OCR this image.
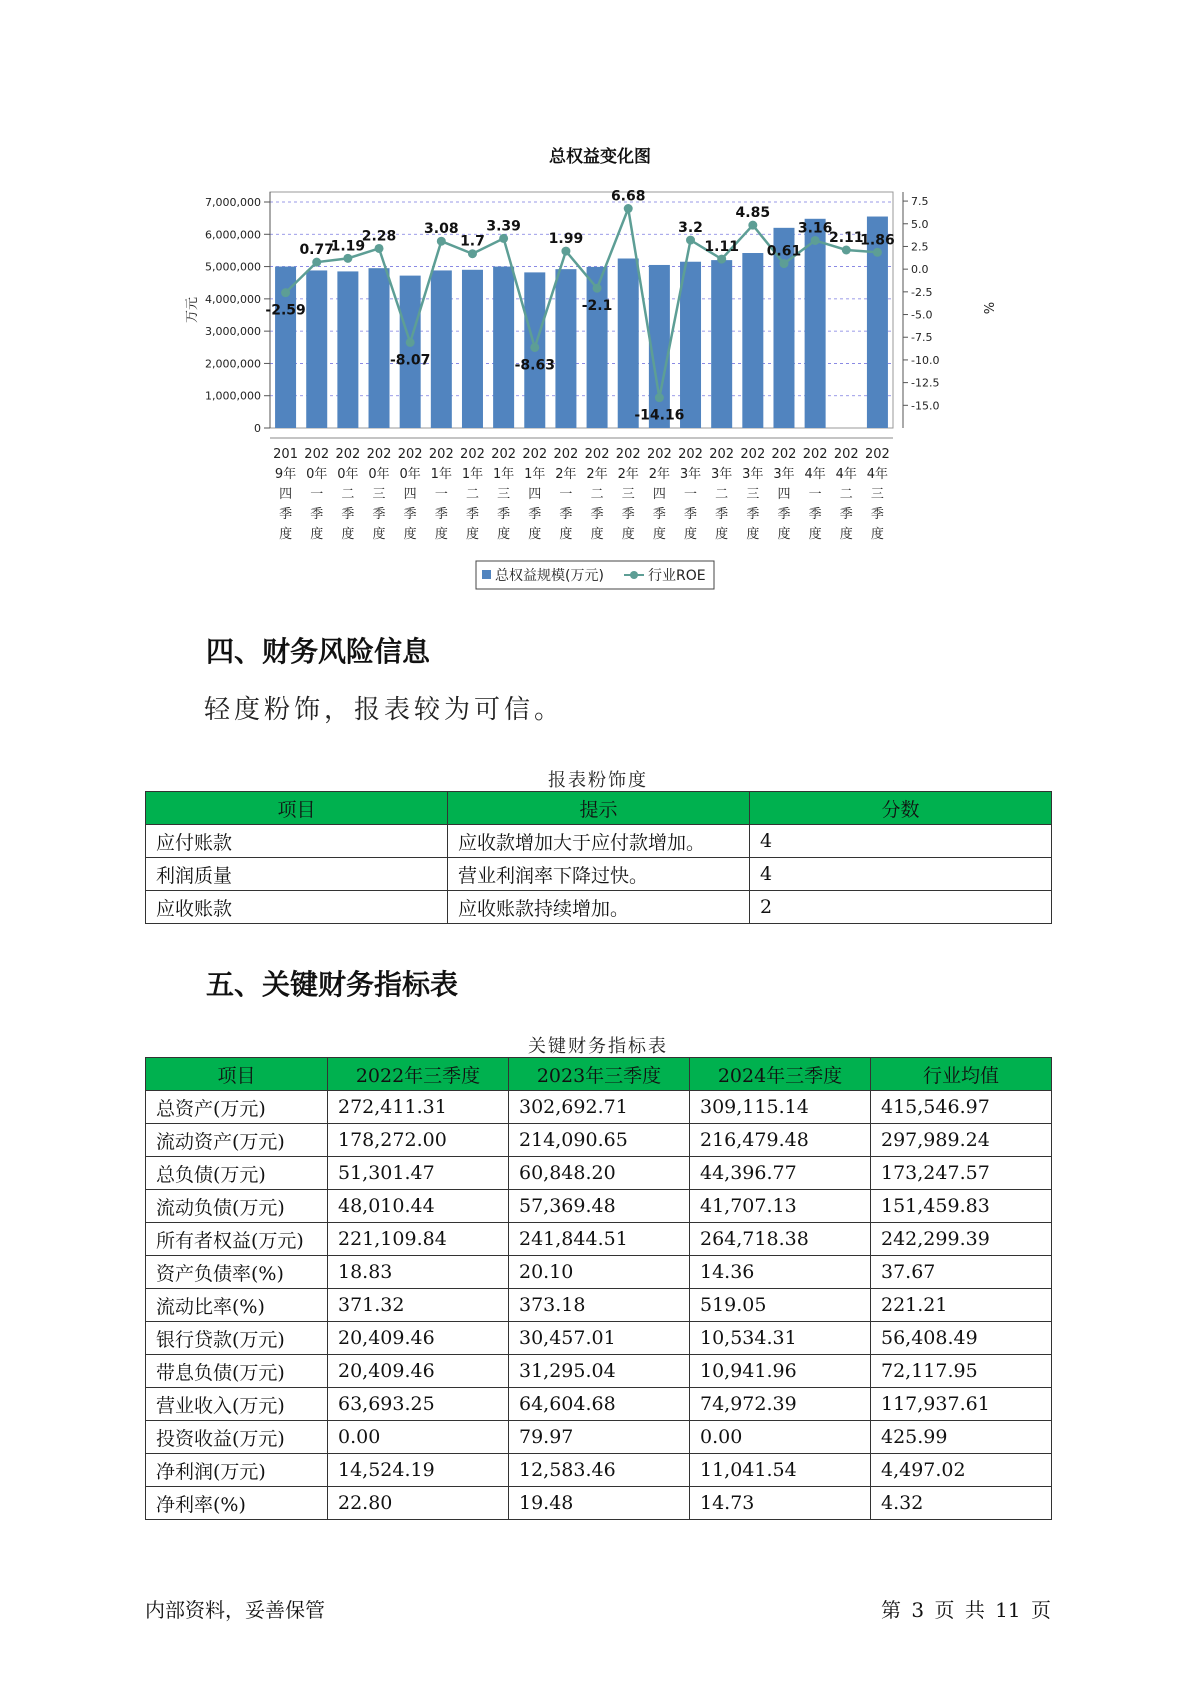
总权益变化图
0
1,000,000
2,000,000
3,000,000
4,000,000
5,000,000
6,000,000
7,000,000	7.5
5.0
2.5
0.0
-2.5
-5.0
-7.5
-10.0
-12.5
-15.0
-2.59
0.77
1.19
2.28
-8.07
3.08
1.7
3.39
-8.63
1.99
-2.1
6.68
-14.16
3.2
1.11
4.85
0.61
3.16
2.11
1.86
201
9年
四
季
度
202
0年
一
季
度
202
0年
二
季
度
202
0年
三
季
度
202
0年
四
季
度
202
1年
一
季
度
202
1年
二
季
度
202
1年
三
季
度
202
1年
四
季
度
202
2年
一
季
度
202
2年
二
季
度
202
2年
三
季
度
202
2年
四
季
度
202
3年
一
季
度
202
3年
二
季
度
202
3年
三
季
度
202
3年
四
季
度
202
4年
一
季
度
202
4年
二
季
度
202
4年
三
季
度
万元	%
总权益规模(万元)	行业ROE
四、财务风险信息

轻度粉饰，报表较为可信。

报表粉饰度
项目	提示	分数
应付账款	应收款增加大于应付款增加。	4
利润质量	营业利润率下降过快。	4
应收账款	应收账款持续增加。	2
五、关键财务指标表
关键财务指标表
项目	2022年三季度	2023年三季度	2024年三季度	行业均值
总资产(万元)	272,411.31	302,692.71	309,115.14	415,546.97
流动资产(万元)	178,272.00	214,090.65	216,479.48	297,989.24
总负债(万元)	51,301.47	60,848.20	44,396.77	173,247.57
流动负债(万元)	48,010.44	57,369.48	41,707.13	151,459.83
所有者权益(万元)	221,109.84	241,844.51	264,718.38	242,299.39
资产负债率(%)	18.83	20.10	14.36	37.67
流动比率(%)	371.32	373.18	519.05	221.21
银行贷款(万元)	20,409.46	30,457.01	10,534.31	56,408.49
带息负债(万元)	20,409.46	31,295.04	10,941.96	72,117.95
营业收入(万元)	63,693.25	64,604.68	74,972.39	117,937.61
投资收益(万元)	0.00	79.97	0.00	425.99
净利润(万元)	14,524.19	12,583.46	11,041.54	4,497.02
净利率(%)	22.80	19.48	14.73	4.32
内部资料，妥善保管	第 3 页 共 11 页
